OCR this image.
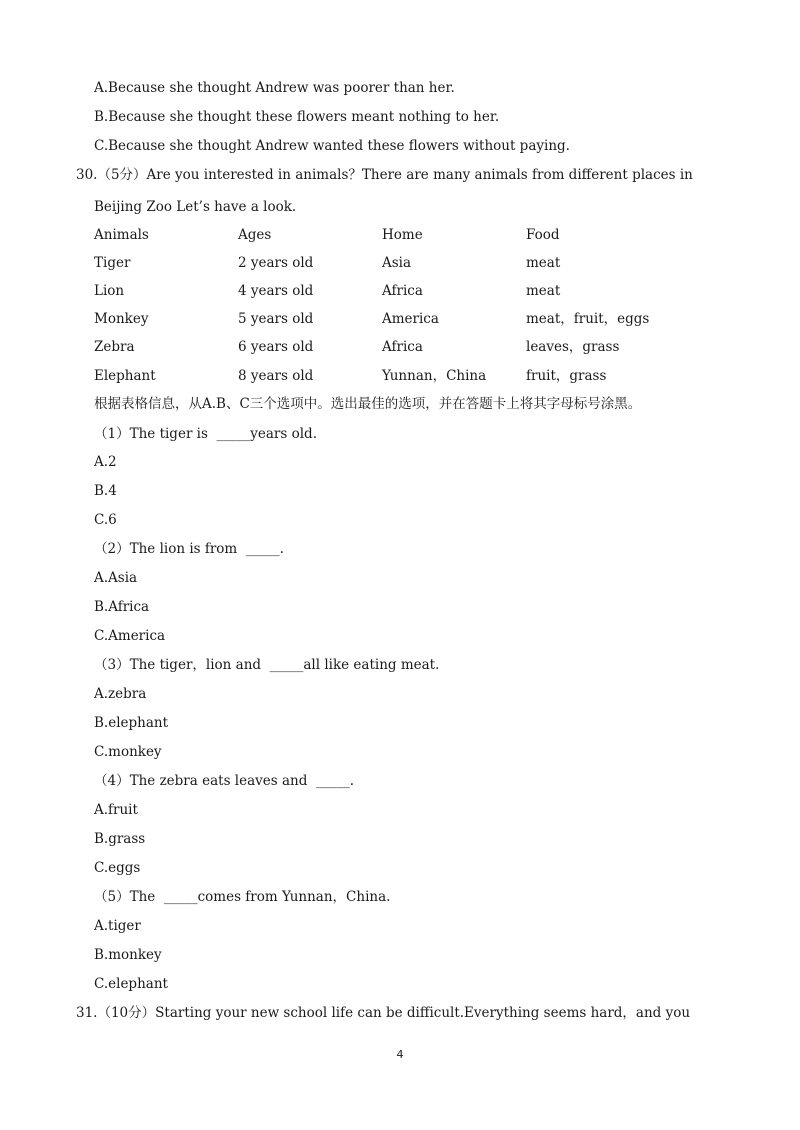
A.Because she thought Andrew was poorer than her.
B.Because she thought these flowers meant nothing to her.
C.Because she thought Andrew wanted these flowers without paying.
30.（5分）Are you interested in animals？There are many animals from different places in
Beijing Zoo Let’s have a look.
Animals	Ages	Home	Food
Tiger	2 years old	Asia	meat
Lion	4 years old	Africa	meat
Monkey	5 years old	America	meat，fruit，eggs
Zebra	6 years old	Africa	leaves，grass
Elephant	8 years old	Yunnan，China	fruit，grass
根据表格信息，从A.B、C三个选项中。选出最佳的选项，并在答题卡上将其字母标号涂黑。
（1）The tiger is  _____years old.
A.2
B.4
C.6
（2）The lion is from  _____.
A.Asia
B.Africa
C.America
（3）The tiger，lion and  _____all like eating meat.
A.zebra
B.elephant
C.monkey
（4）The zebra eats leaves and  _____.
A.fruit
B.grass
C.eggs
（5）The  _____comes from Yunnan，China.
A.tiger
B.monkey
C.elephant
31.（10分）Starting your new school life can be difficult.Everything seems hard，and you
4
